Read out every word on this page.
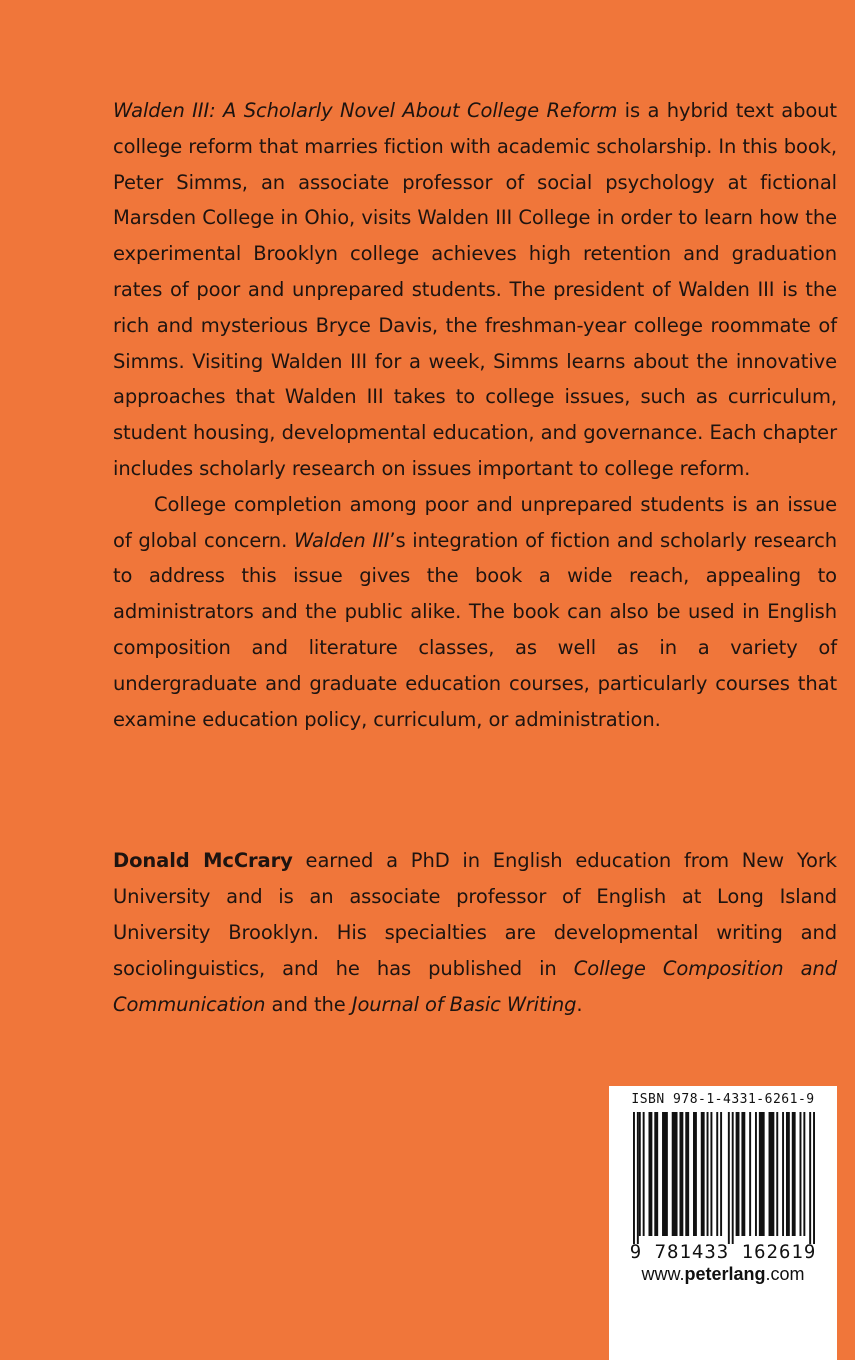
Walden III: A Scholarly Novel About College Reform is a hybrid text about college reform that marries fiction with academic scholarship. In this book, Peter Simms, an associate professor of social psychology at fictional Marsden College in Ohio, visits Walden III College in order to learn how the experimental Brooklyn college achieves high retention and graduation rates of poor and unprepared students. The president of Walden III is the rich and mysterious Bryce Davis, the freshman-year college roommate of Simms. Visiting Walden III for a week, Simms learns about the innovative approaches that Walden III takes to college issues, such as curriculum, student housing, developmental education, and governance. Each chapter includes scholarly research on issues important to college reform.

College completion among poor and unprepared students is an issue of global concern. Walden III’s integration of fiction and scholarly research to address this issue gives the book a wide reach, appealing to administrators and the public alike. The book can also be used in English composition and literature classes, as well as in a variety of undergraduate and graduate education courses, particularly courses that examine education policy, curriculum, or administration.

Donald McCrary earned a PhD in English education from New York University and is an associate professor of English at Long Island University Brooklyn. His specialties are developmental writing and sociolinguistics, and he has published in College Composition and Communication and the Journal of Basic Writing.

ISBN 978-1-4331-6261-9
9 781433 162619
www.peterlang.com
